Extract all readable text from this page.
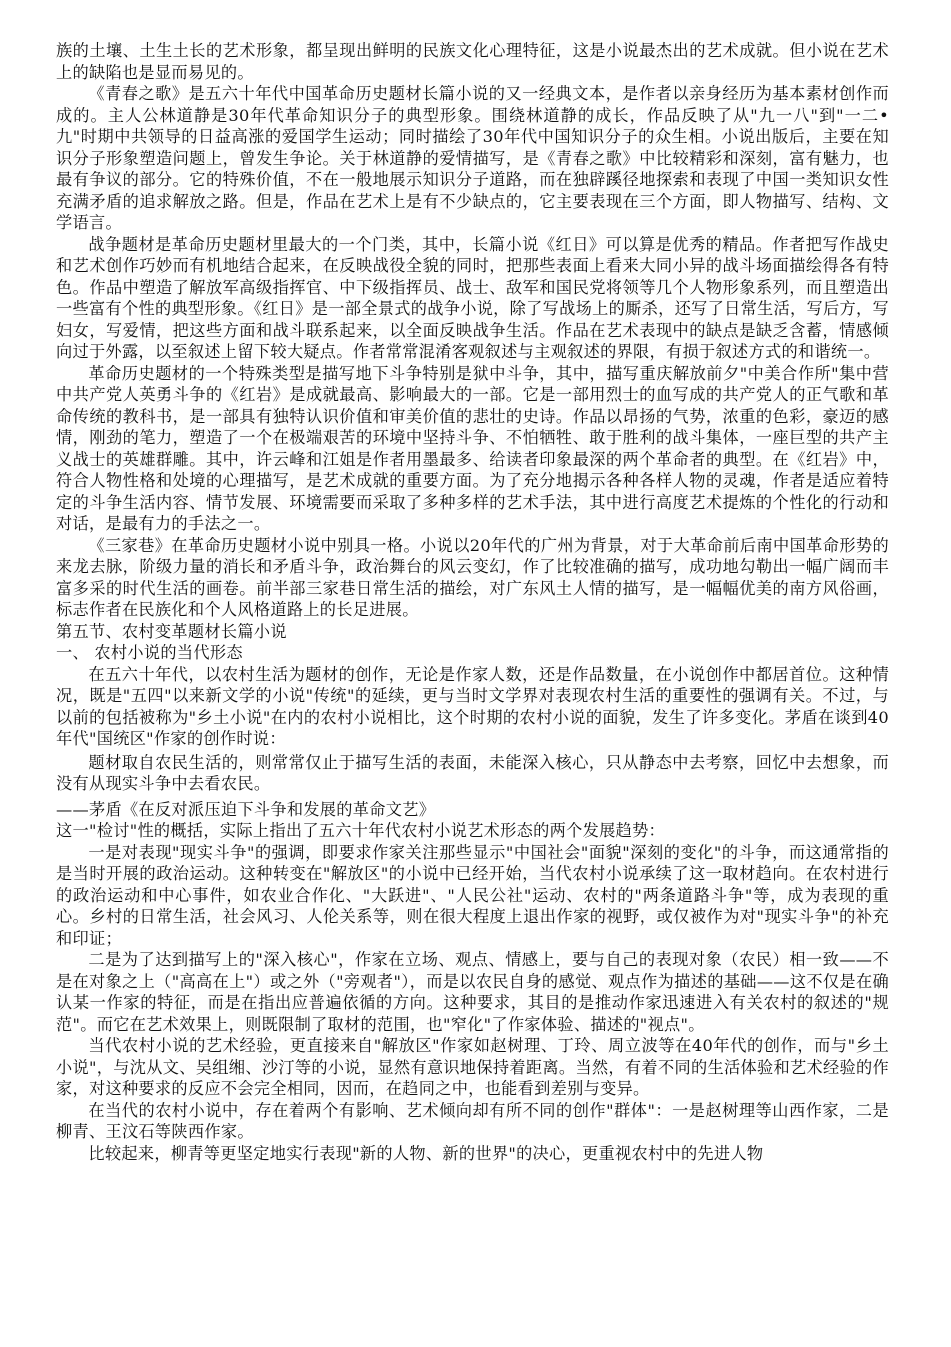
族的土壤、土生土长的艺术形象，都呈现出鲜明的民族文化心理特征，这是小说最杰出的艺术成就。但小说在艺术上的缺陷也是显而易见的。

《青春之歌》是五六十年代中国革命历史题材长篇小说的又一经典文本，是作者以亲身经历为基本素材创作而成的。主人公林道静是30年代革命知识分子的典型形象。围绕林道静的成长，作品反映了从"九一八"到"一二•九"时期中共领导的日益高涨的爱国学生运动；同时描绘了30年代中国知识分子的众生相。小说出版后，主要在知识分子形象塑造问题上，曾发生争论。关于林道静的爱情描写，是《青春之歌》中比较精彩和深刻，富有魅力，也最有争议的部分。它的特殊价值，不在一般地展示知识分子道路，而在独辟蹊径地探索和表现了中国一类知识女性充满矛盾的追求解放之路。但是，作品在艺术上是有不少缺点的，它主要表现在三个方面，即人物描写、结构、文学语言。

战争题材是革命历史题材里最大的一个门类，其中，长篇小说《红日》可以算是优秀的精品。作者把写作战史和艺术创作巧妙而有机地结合起来，在反映战役全貌的同时，把那些表面上看来大同小异的战斗场面描绘得各有特色。作品中塑造了解放军高级指挥官、中下级指挥员、战士、敌军和国民党将领等几个人物形象系列，而且塑造出一些富有个性的典型形象。《红日》是一部全景式的战争小说，除了写战场上的厮杀，还写了日常生活，写后方，写妇女，写爱情，把这些方面和战斗联系起来，以全面反映战争生活。作品在艺术表现中的缺点是缺乏含蓄，情感倾向过于外露，以至叙述上留下较大疑点。作者常常混淆客观叙述与主观叙述的界限，有损于叙述方式的和谐统一。

革命历史题材的一个特殊类型是描写地下斗争特别是狱中斗争，其中，描写重庆解放前夕"中美合作所"集中营中共产党人英勇斗争的《红岩》是成就最高、影响最大的一部。它是一部用烈士的血写成的共产党人的正气歌和革命传统的教科书，是一部具有独特认识价值和审美价值的悲壮的史诗。作品以昂扬的气势，浓重的色彩，豪迈的感情，刚劲的笔力，塑造了一个在极端艰苦的环境中坚持斗争、不怕牺牲、敢于胜利的战斗集体，一座巨型的共产主义战士的英雄群雕。其中，许云峰和江姐是作者用墨最多、给读者印象最深的两个革命者的典型。在《红岩》中，符合人物性格和处境的心理描写，是艺术成就的重要方面。为了充分地揭示各种各样人物的灵魂，作者是适应着特定的斗争生活内容、情节发展、环境需要而采取了多种多样的艺术手法，其中进行高度艺术提炼的个性化的行动和对话，是最有力的手法之一。

《三家巷》在革命历史题材小说中别具一格。小说以20年代的广州为背景，对于大革命前后南中国革命形势的来龙去脉，阶级力量的消长和矛盾斗争，政治舞台的风云变幻，作了比较准确的描写，成功地勾勒出一幅广阔而丰富多采的时代生活的画卷。前半部三家巷日常生活的描绘，对广东风土人情的描写，是一幅幅优美的南方风俗画，标志作者在民族化和个人风格道路上的长足进展。

第五节、农村变革题材长篇小说

一、 农村小说的当代形态

在五六十年代，以农村生活为题材的创作，无论是作家人数，还是作品数量，在小说创作中都居首位。这种情况，既是"五四"以来新文学的小说"传统"的延续，更与当时文学界对表现农村生活的重要性的强调有关。不过，与以前的包括被称为"乡土小说"在内的农村小说相比，这个时期的农村小说的面貌，发生了许多变化。茅盾在谈到40年代"国统区"作家的创作时说：

题材取自农民生活的，则常常仅止于描写生活的表面，未能深入核心，只从静态中去考察，回忆中去想象，而没有从现实斗争中去看农民。

——茅盾《在反对派压迫下斗争和发展的革命文艺》

这一"检讨"性的概括，实际上指出了五六十年代农村小说艺术形态的两个发展趋势：

一是对表现"现实斗争"的强调，即要求作家关注那些显示"中国社会"面貌"深刻的变化"的斗争，而这通常指的是当时开展的政治运动。这种转变在"解放区"的小说中已经开始，当代农村小说承续了这一取材趋向。在农村进行的政治运动和中心事件，如农业合作化、"大跃进"、"人民公社"运动、农村的"两条道路斗争"等，成为表现的重心。乡村的日常生活，社会风习、人伦关系等，则在很大程度上退出作家的视野，或仅被作为对"现实斗争"的补充和印证；

二是为了达到描写上的"深入核心"，作家在立场、观点、情感上，要与自己的表现对象（农民）相一致——不是在对象之上（"高高在上"）或之外（"旁观者"），而是以农民自身的感觉、观点作为描述的基础——这不仅是在确认某一作家的特征，而是在指出应普遍依循的方向。这种要求，其目的是推动作家迅速进入有关农村的叙述的"规范"。而它在艺术效果上，则既限制了取材的范围，也"窄化"了作家体验、描述的"视点"。

当代农村小说的艺术经验，更直接来自"解放区"作家如赵树理、丁玲、周立波等在40年代的创作，而与"乡土小说"，与沈从文、吴组缃、沙汀等的小说，显然有意识地保持着距离。当然，有着不同的生活体验和艺术经验的作家，对这种要求的反应不会完全相同，因而，在趋同之中，也能看到差别与变异。

在当代的农村小说中，存在着两个有影响、艺术倾向却有所不同的创作"群体"：一是赵树理等山西作家，二是柳青、王汶石等陕西作家。

比较起来，柳青等更坚定地实行表现"新的人物、新的世界"的决心，更重视农村中的先进人物
